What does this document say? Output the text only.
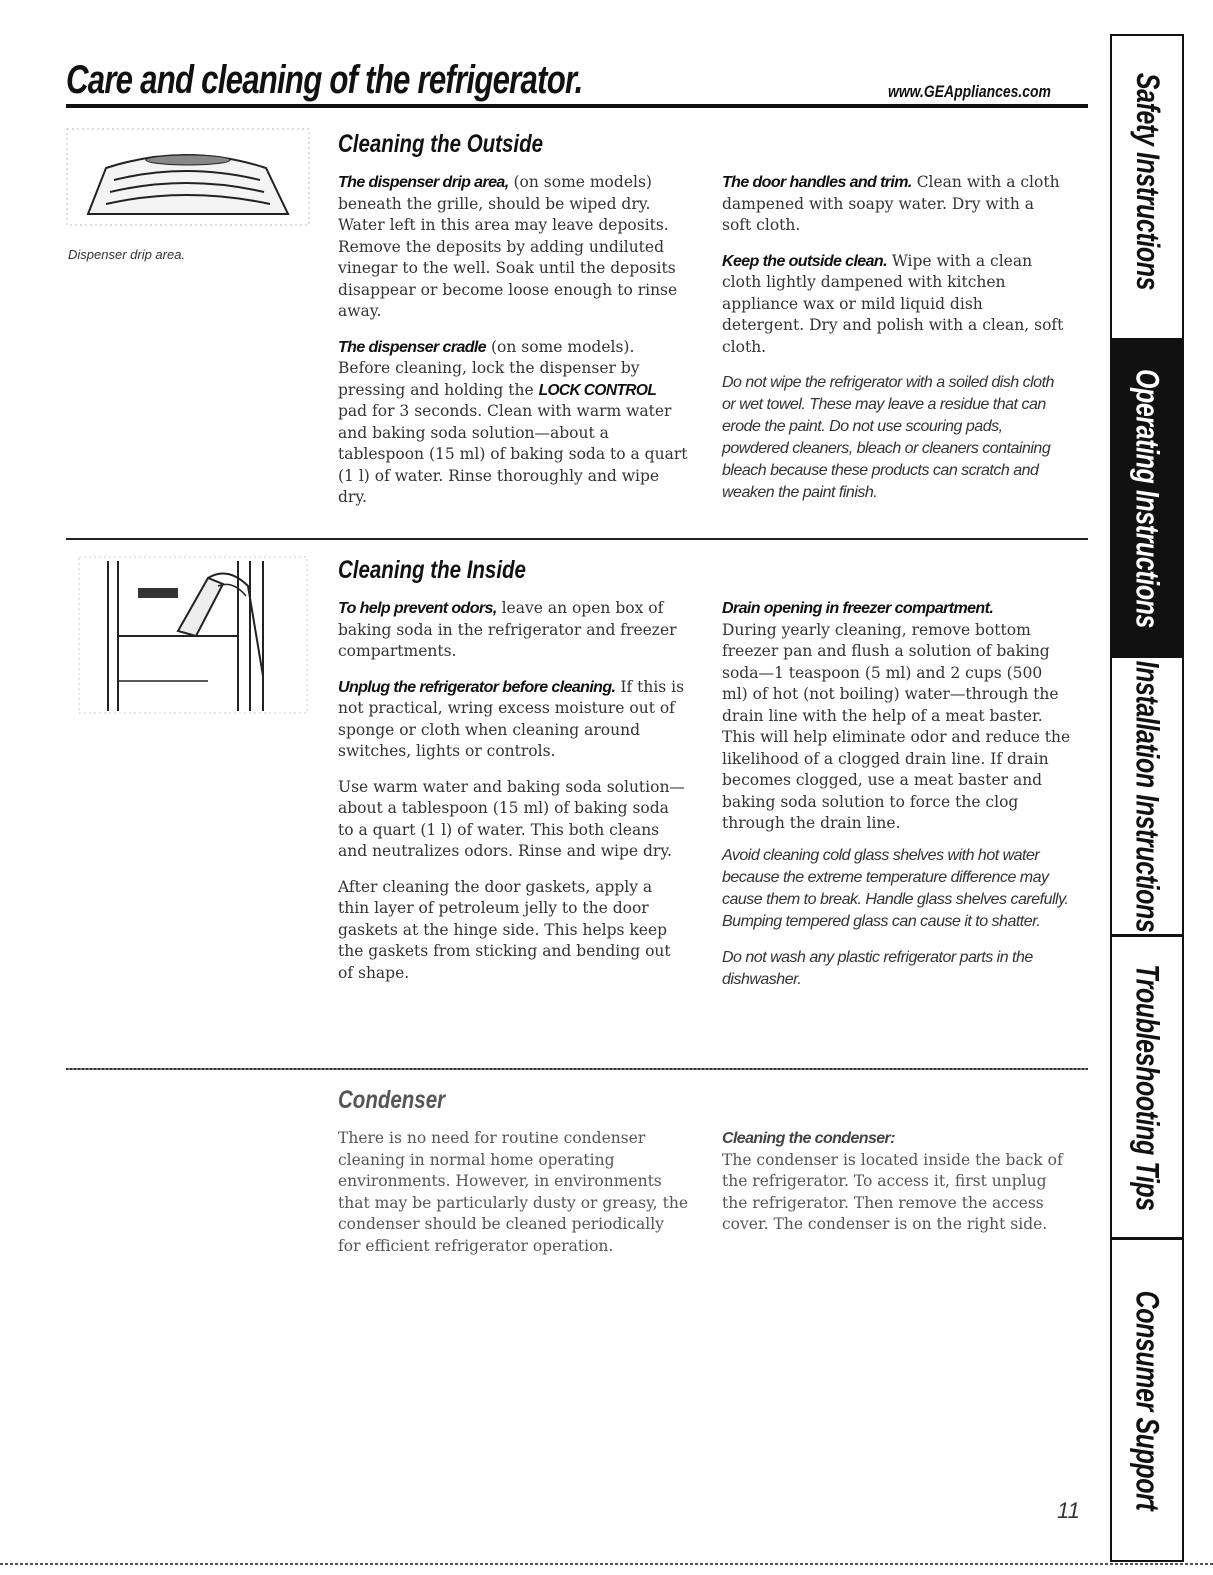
Care and cleaning of the refrigerator.	www.GEAppliances.com
Dispenser drip area.
Cleaning the Outside

The dispenser drip area, (on some models) beneath the grille, should be wiped dry. Water left in this area may leave deposits. Remove the deposits by adding undiluted vinegar to the well. Soak until the deposits disappear or become loose enough to rinse away.

The dispenser cradle (on some models). Before cleaning, lock the dispenser by pressing and holding the LOCK CONTROL pad for 3 seconds. Clean with warm water and baking soda solution—about a tablespoon (15 ml) of baking soda to a quart (1 l) of water. Rinse thoroughly and wipe dry.

The door handles and trim. Clean with a cloth dampened with soapy water. Dry with a soft cloth.

Keep the outside clean. Wipe with a clean cloth lightly dampened with kitchen appliance wax or mild liquid dish detergent. Dry and polish with a clean, soft cloth.

Do not wipe the refrigerator with a soiled dish cloth or wet towel. These may leave a residue that can erode the paint. Do not use scouring pads, powdered cleaners, bleach or cleaners containing bleach because these products can scratch and weaken the paint finish.

Cleaning the Inside

To help prevent odors, leave an open box of baking soda in the refrigerator and freezer compartments.

Unplug the refrigerator before cleaning. If this is not practical, wring excess moisture out of sponge or cloth when cleaning around switches, lights or controls.

Use warm water and baking soda solution—about a tablespoon (15 ml) of baking soda to a quart (1 l) of water. This both cleans and neutralizes odors. Rinse and wipe dry.

After cleaning the door gaskets, apply a thin layer of petroleum jelly to the door gaskets at the hinge side. This helps keep the gaskets from sticking and bending out of shape.

Drain opening in freezer compartment.
During yearly cleaning, remove bottom freezer pan and flush a solution of baking soda—1 teaspoon (5 ml) and 2 cups (500 ml) of hot (not boiling) water—through the drain line with the help of a meat baster. This will help eliminate odor and reduce the likelihood of a clogged drain line. If drain becomes clogged, use a meat baster and baking soda solution to force the clog through the drain line.

Avoid cleaning cold glass shelves with hot water because the extreme temperature difference may cause them to break. Handle glass shelves carefully. Bumping tempered glass can cause it to shatter.

Do not wash any plastic refrigerator parts in the dishwasher.

Condenser

There is no need for routine condenser cleaning in normal home operating environments. However, in environments that may be particularly dusty or greasy, the condenser should be cleaned periodically for efficient refrigerator operation.

Cleaning the condenser:
The condenser is located inside the back of the refrigerator. To access it, first unplug the refrigerator. Then remove the access cover. The condenser is on the right side.

Safety Instructions
Operating Instructions
Installation Instructions
Troubleshooting Tips
Consumer Support
11
